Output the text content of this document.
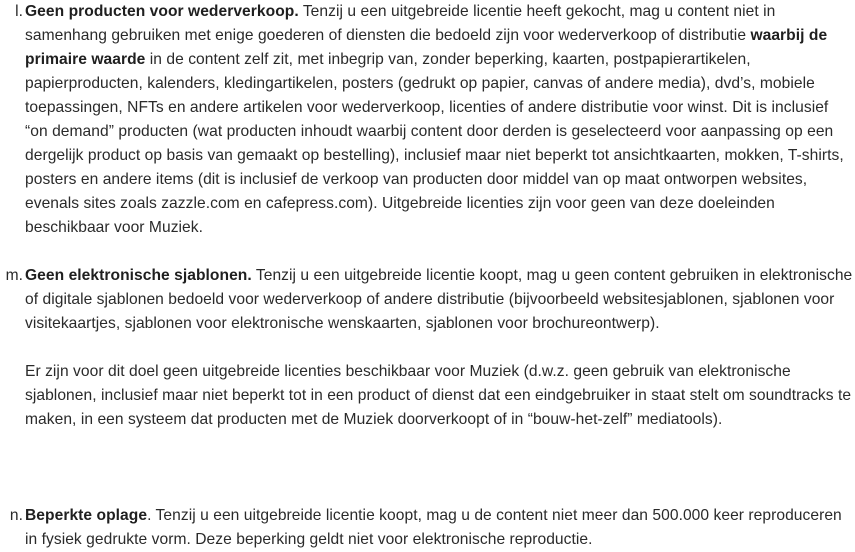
l. Geen producten voor wederverkoop. Tenzij u een uitgebreide licentie heeft gekocht, mag u content niet in samenhang gebruiken met enige goederen of diensten die bedoeld zijn voor wederverkoop of distributie waarbij de primaire waarde in de content zelf zit, met inbegrip van, zonder beperking, kaarten, postpapierartikelen, papierproducten, kalenders, kledingartikelen, posters (gedrukt op papier, canvas of andere media), dvd’s, mobiele toepassingen, NFTs en andere artikelen voor wederverkoop, licenties of andere distributie voor winst. Dit is inclusief “on demand” producten (wat producten inhoudt waarbij content door derden is geselecteerd voor aanpassing op een dergelijk product op basis van gemaakt op bestelling), inclusief maar niet beperkt tot ansichtkaarten, mokken, T-shirts, posters en andere items (dit is inclusief de verkoop van producten door middel van op maat ontworpen websites, evenals sites zoals zazzle.com en cafepress.com). Uitgebreide licenties zijn voor geen van deze doeleinden beschikbaar voor Muziek.

m. Geen elektronische sjablonen. Tenzij u een uitgebreide licentie koopt, mag u geen content gebruiken in elektronische of digitale sjablonen bedoeld voor wederverkoop of andere distributie (bijvoorbeeld websitesjablonen, sjablonen voor visitekaartjes, sjablonen voor elektronische wenskaarten, sjablonen voor brochureontwerp).

Er zijn voor dit doel geen uitgebreide licenties beschikbaar voor Muziek (d.w.z. geen gebruik van elektronische sjablonen, inclusief maar niet beperkt tot in een product of dienst dat een eindgebruiker in staat stelt om soundtracks te maken, in een systeem dat producten met de Muziek doorverkoopt of in “bouw-het-zelf” mediatools).

n. Beperkte oplage. Tenzij u een uitgebreide licentie koopt, mag u de content niet meer dan 500.000 keer reproduceren in fysiek gedrukte vorm. Deze beperking geldt niet voor elektronische reproductie.
